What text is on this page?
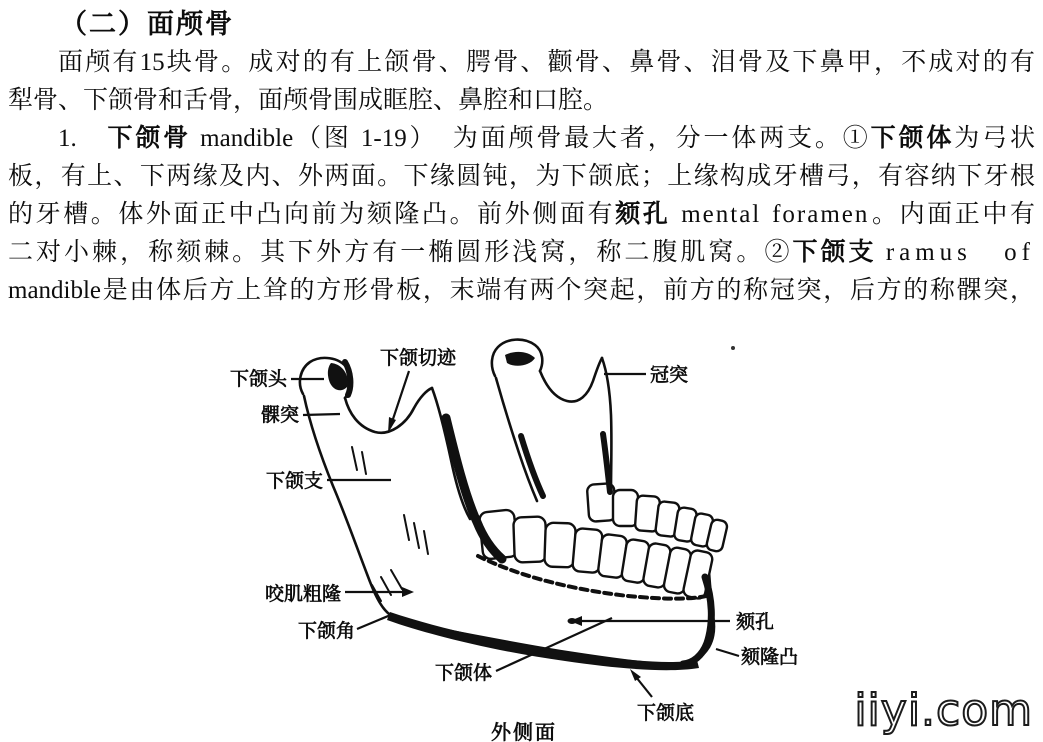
（二）面颅骨
面颅有15块骨。成对的有上颌骨、腭骨、颧骨、鼻骨、泪骨及下鼻甲，不成对的有
犁骨、下颌骨和舌骨，面颅骨围成眶腔、鼻腔和口腔。
1.　下颌骨 mandible（图 1-19）　为面颅骨最大者，分一体两支。①下颌体为弓状
板，有上、下两缘及内、外两面。下缘圆钝，为下颌底；上缘构成牙槽弓，有容纳下牙根
的牙槽。体外面正中凸向前为颏隆凸。前外侧面有颏孔 mental foramen。内面正中有
二对小棘，称颏棘。其下外方有一椭圆形浅窝，称二腹肌窝。②下颌支 ramus of
mandible是由体后方上耸的方形骨板，末端有两个突起，前方的称冠突，后方的称髁突，
下颌头
髁突
下颌支
咬肌粗隆
下颌角
下颌切迹
冠突
颏孔
颏隆凸
下颌体
下颌底
外侧面	iiyi.com
